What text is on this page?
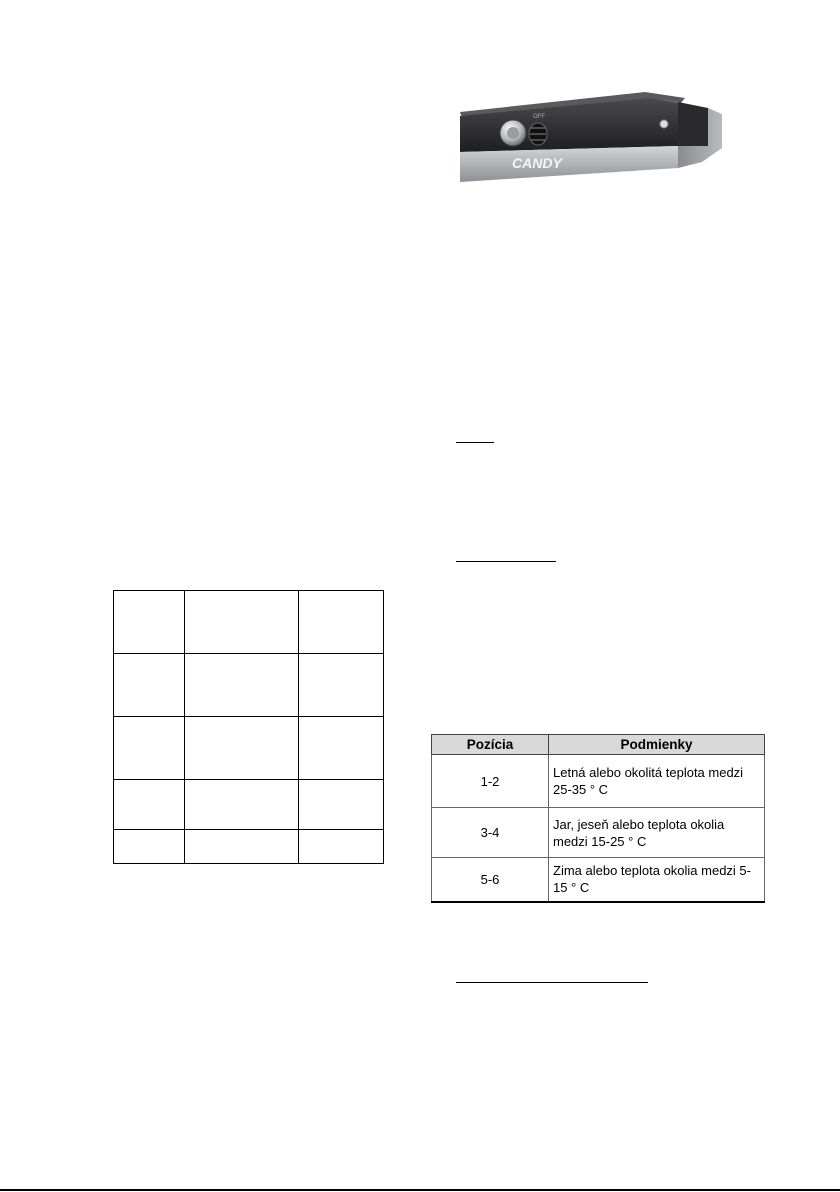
OFF
CANDY

Pozícia	Podmienky
1-2	Letná alebo okolitá teplota medzi 25-35 ° C
3-4	Jar, jeseň alebo teplota okolia medzi 15-25 ° C
5-6	Zima alebo teplota okolia medzi 5-15 ° C
